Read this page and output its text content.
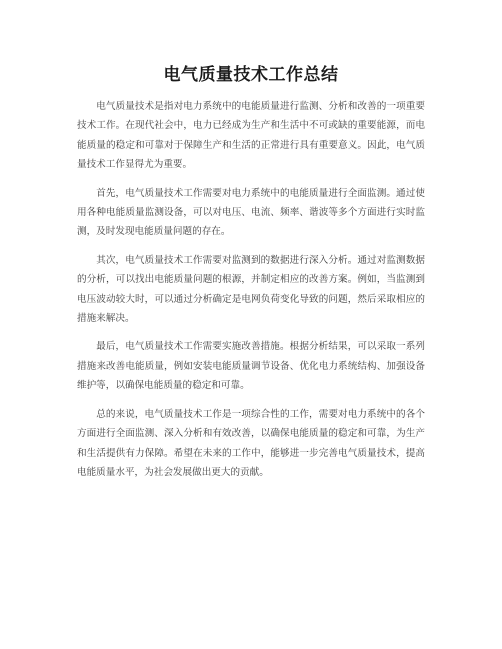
电气质量技术工作总结

电气质量技术是指对电力系统中的电能质量进行监测、分析和改善的一项重要技术工作。在现代社会中，电力已经成为生产和生活中不可或缺的重要能源，而电能质量的稳定和可靠对于保障生产和生活的正常进行具有重要意义。因此，电气质量技术工作显得尤为重要。

首先，电气质量技术工作需要对电力系统中的电能质量进行全面监测。通过使用各种电能质量监测设备，可以对电压、电流、频率、谐波等多个方面进行实时监测，及时发现电能质量问题的存在。

其次，电气质量技术工作需要对监测到的数据进行深入分析。通过对监测数据的分析，可以找出电能质量问题的根源，并制定相应的改善方案。例如，当监测到电压波动较大时，可以通过分析确定是电网负荷变化导致的问题，然后采取相应的措施来解决。

最后，电气质量技术工作需要实施改善措施。根据分析结果，可以采取一系列措施来改善电能质量，例如安装电能质量调节设备、优化电力系统结构、加强设备维护等，以确保电能质量的稳定和可靠。

总的来说，电气质量技术工作是一项综合性的工作，需要对电力系统中的各个方面进行全面监测、深入分析和有效改善，以确保电能质量的稳定和可靠，为生产和生活提供有力保障。希望在未来的工作中，能够进一步完善电气质量技术，提高电能质量水平，为社会发展做出更大的贡献。
